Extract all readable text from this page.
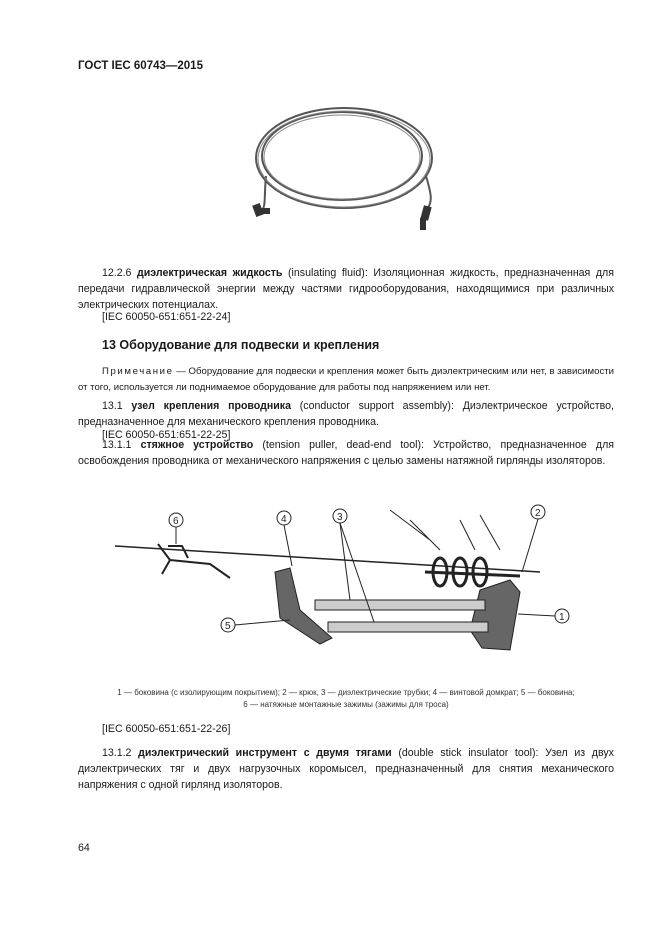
ГОСТ IEC 60743—2015
12.2.6 диэлектрическая жидкость (insulating fluid): Изоляционная жидкость, предназначенная для передачи гидравлической энергии между частями гидрооборудования, находящимися при различных электрических потенциалах.
[IEC 60050-651:651-22-24]
13 Оборудование для подвески и крепления
Примечание — Оборудование для подвески и крепления может быть диэлектрическим или нет, в зависимости от того, используется ли поднимаемое оборудование для работы под напряжением или нет.
13.1 узел крепления проводника (conductor support assembly): Диэлектрическое устройство, предназначенное для механического крепления проводника.
[IEC 60050-651:651-22-25]
13.1.1 стяжное устройство (tension puller, dead-end tool): Устройство, предназначенное для освобождения проводника от механического напряжения с целью замены натяжной гирлянды изоляторов.
6	4	3	2
5
1
1 — боковина (с изолирующим покрытием); 2 — крюк, 3 — диэлектрические трубки; 4 — винтовой домкрат; 5 — боковина;
6 — натяжные монтажные зажимы (зажимы для троса)
[IEC 60050-651:651-22-26]
13.1.2 диэлектрический инструмент с двумя тягами (double stick insulator tool): Узел из двух диэлектрических тяг и двух нагрузочных коромысел, предназначенный для снятия механического напряжения с одной гирлянд изоляторов.
64
